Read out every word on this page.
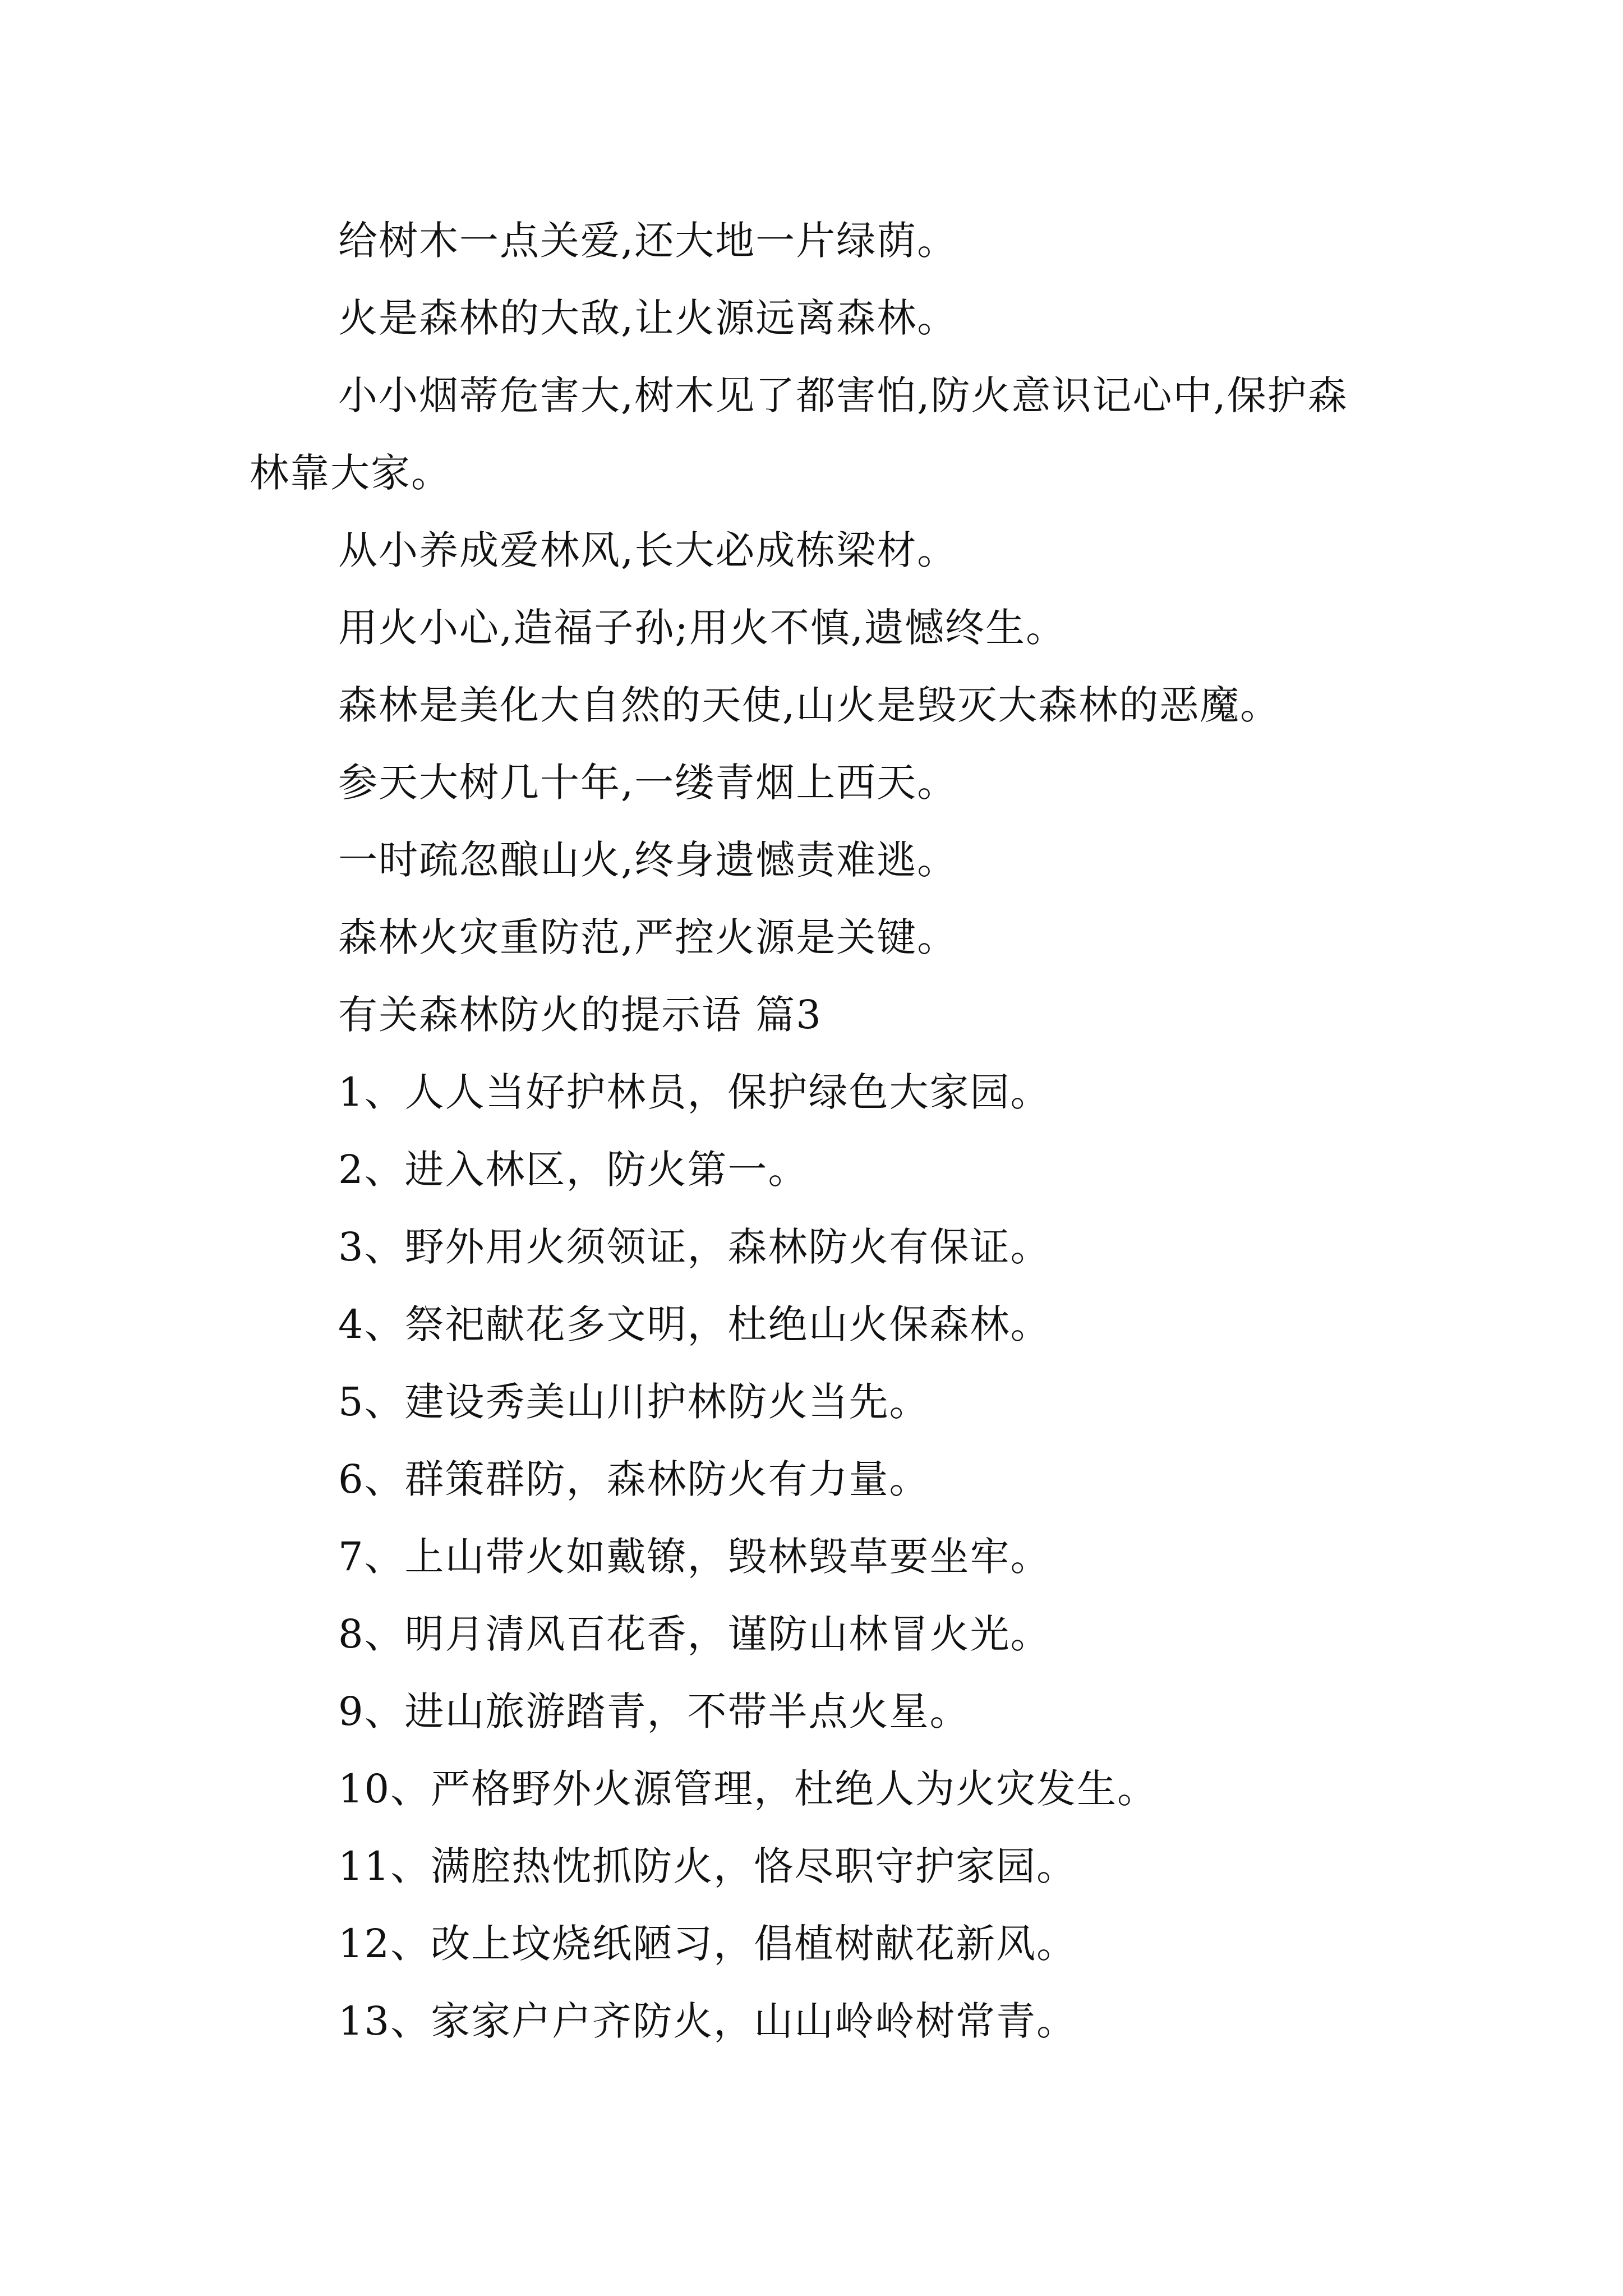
给树木一点关爱,还大地一片绿荫。

火是森林的大敌,让火源远离森林。

小小烟蒂危害大,树木见了都害怕,防火意识记心中,保护森林靠大家。

从小养成爱林风,长大必成栋梁材。

用火小心,造福子孙;用火不慎,遗憾终生。

森林是美化大自然的天使,山火是毁灭大森林的恶魔。

参天大树几十年,一缕青烟上西天。

一时疏忽酿山火,终身遗憾责难逃。

森林火灾重防范,严控火源是关键。

有关森林防火的提示语 篇3

1、人人当好护林员，保护绿色大家园。

2、进入林区，防火第一。

3、野外用火须领证，森林防火有保证。

4、祭祀献花多文明，杜绝山火保森林。

5、建设秀美山川护林防火当先。

6、群策群防，森林防火有力量。

7、上山带火如戴镣，毁林毁草要坐牢。

8、明月清风百花香，谨防山林冒火光。

9、进山旅游踏青，不带半点火星。

10、严格野外火源管理，杜绝人为火灾发生。

11、满腔热忱抓防火，恪尽职守护家园。

12、改上坟烧纸陋习，倡植树献花新风。

13、家家户户齐防火，山山岭岭树常青。
